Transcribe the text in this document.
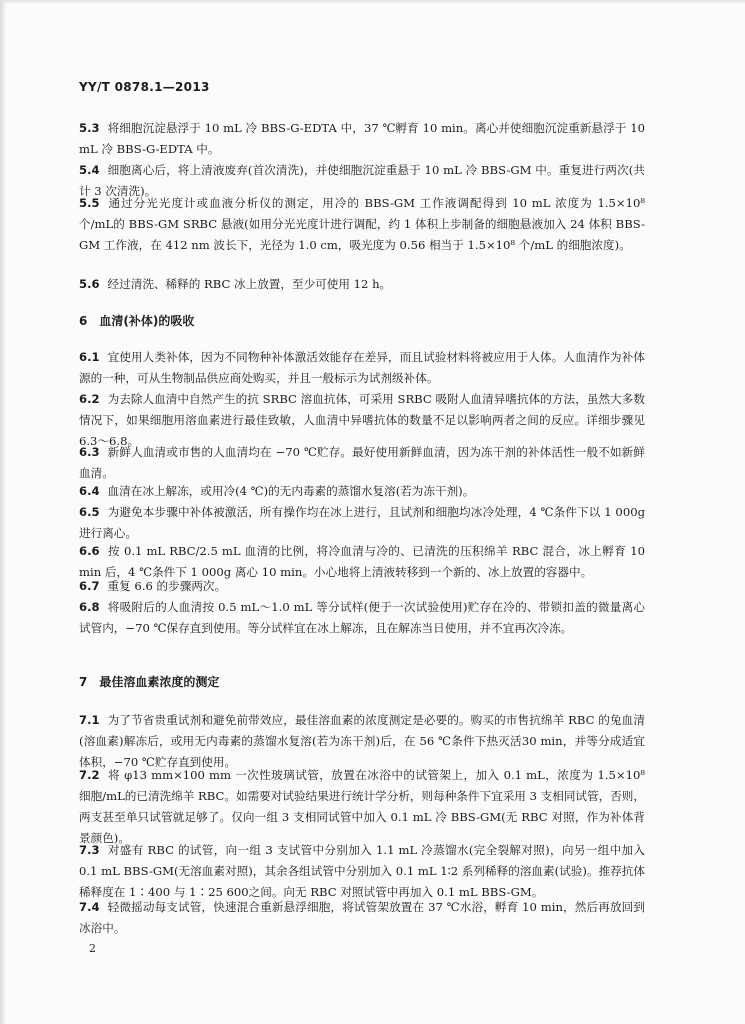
YY/T 0878.1—2013
5.3 将细胞沉淀悬浮于 10 mL 冷 BBS-G-EDTA 中，37 ℃孵育 10 min。离心并使细胞沉淀重新悬浮于 10 mL 冷 BBS-G-EDTA 中。
5.4 细胞离心后，将上清液废弃(首次清洗)，并使细胞沉淀重悬于 10 mL 冷 BBS-GM 中。重复进行两次(共计 3 次清洗)。
5.5 通过分光光度计或血液分析仪的测定，用冷的 BBS-GM 工作液调配得到 10 mL 浓度为 1.5×10⁸ 个/mL的 BBS-GM SRBC 悬液(如用分光光度计进行调配，约 1 体积上步制备的细胞悬液加入 24 体积 BBS-GM 工作液，在 412 nm 波长下，光径为 1.0 cm，吸光度为 0.56 相当于 1.5×10⁸ 个/mL 的细胞浓度)。
5.6 经过清洗、稀释的 RBC 冰上放置，至少可使用 12 h。
6 血清(补体)的吸收
6.1 宜使用人类补体，因为不同物种补体激活效能存在差异，而且试验材料将被应用于人体。人血清作为补体源的一种，可从生物制品供应商处购买，并且一般标示为试剂级补体。
6.2 为去除人血清中自然产生的抗 SRBC 溶血抗体，可采用 SRBC 吸附人血清异嗜抗体的方法，虽然大多数情况下，如果细胞用溶血素进行最佳致敏，人血清中异嗜抗体的数量不足以影响两者之间的反应。详细步骤见 6.3～6.8。
6.3 新鲜人血清或市售的人血清均在 −70 ℃贮存。最好使用新鲜血清，因为冻干剂的补体活性一般不如新鲜血清。
6.4 血清在冰上解冻，或用冷(4 ℃)的无内毒素的蒸馏水复溶(若为冻干剂)。
6.5 为避免本步骤中补体被激活，所有操作均在冰上进行，且试剂和细胞均冰冷处理，4 ℃条件下以 1 000g进行离心。
6.6 按 0.1 mL RBC/2.5 mL 血清的比例，将冷血清与冷的、已清洗的压积绵羊 RBC 混合，冰上孵育 10 min 后，4 ℃条件下 1 000g 离心 10 min。小心地将上清液转移到一个新的、冰上放置的容器中。
6.7 重复 6.6 的步骤两次。
6.8 将吸附后的人血清按 0.5 mL～1.0 mL 等分试样(便于一次试验使用)贮存在冷的、带锁扣盖的微量离心试管内，−70 ℃保存直到使用。等分试样宜在冰上解冻，且在解冻当日使用，并不宜再次冷冻。
7 最佳溶血素浓度的测定
7.1 为了节省贵重试剂和避免前带效应，最佳溶血素的浓度测定是必要的。购买的市售抗绵羊 RBC 的兔血清(溶血素)解冻后，或用无内毒素的蒸馏水复溶(若为冻干剂)后，在 56 ℃条件下热灭活30 min，并等分成适宜体积，−70 ℃贮存直到使用。
7.2 将 φ13 mm×100 mm 一次性玻璃试管，放置在冰浴中的试管架上，加入 0.1 mL，浓度为 1.5×10⁸ 细胞/mL的已清洗绵羊 RBC。如需要对试验结果进行统计学分析，则每种条件下宜采用 3 支相同试管，否则，两支甚至单只试管就足够了。仅向一组 3 支相同试管中加入 0.1 mL 冷 BBS-GM(无 RBC 对照，作为补体背景颜色)。
7.3 对盛有 RBC 的试管，向一组 3 支试管中分别加入 1.1 mL 冷蒸馏水(完全裂解对照)，向另一组中加入 0.1 mL BBS-GM(无溶血素对照)，其余各组试管中分别加入 0.1 mL 1∶2 系列稀释的溶血素(试验)。推荐抗体稀释度在 1∶400 与 1∶25 600之间。向无 RBC 对照试管中再加入 0.1 mL BBS-GM。
7.4 轻微摇动每支试管，快速混合重新悬浮细胞，将试管架放置在 37 ℃水浴，孵育 10 min，然后再放回到冰浴中。
2
